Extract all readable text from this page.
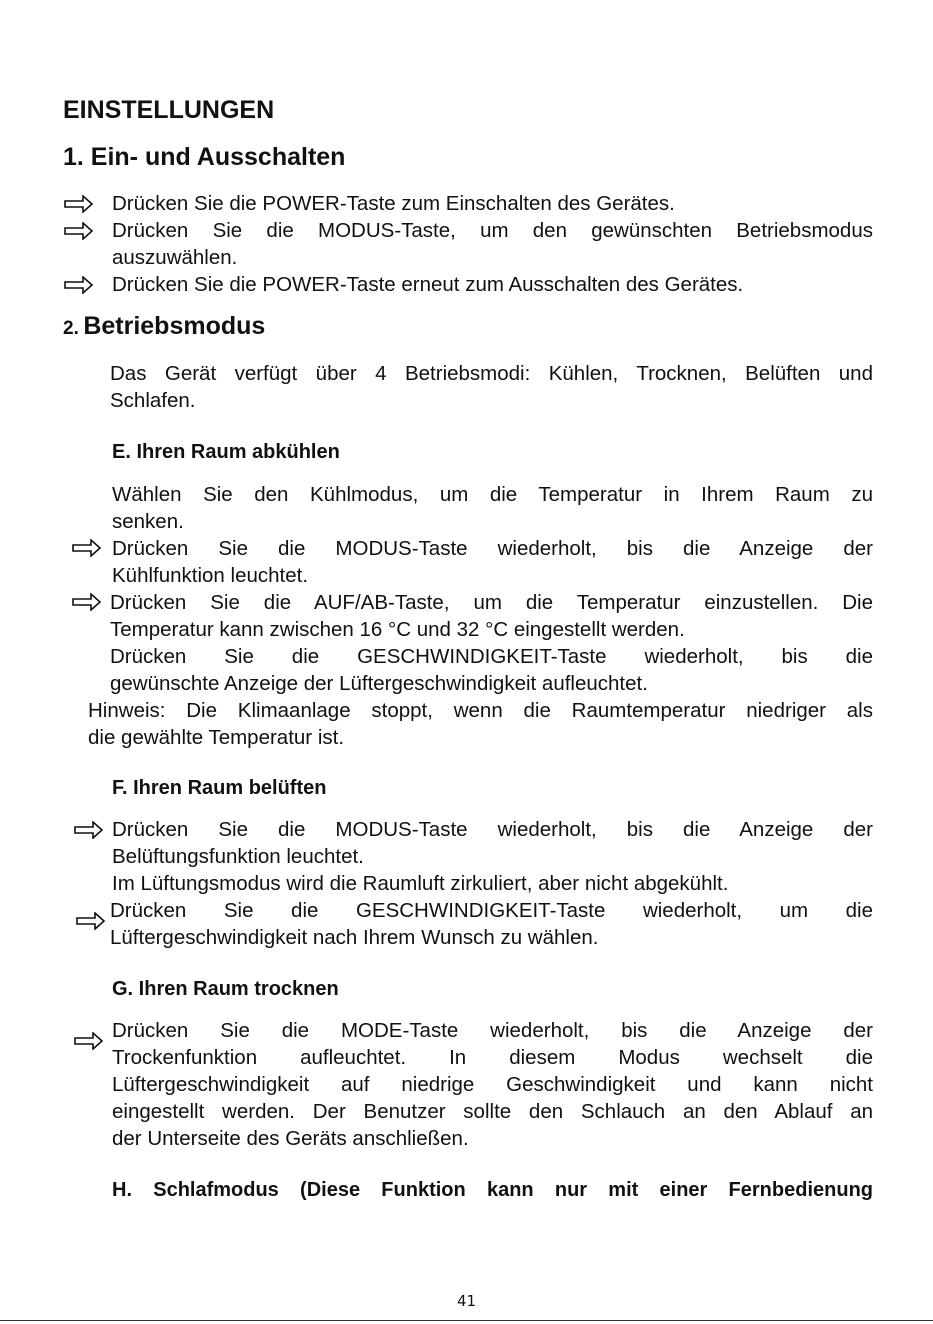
EINSTELLUNGEN
1. Ein- und Ausschalten
Drücken Sie die POWER-Taste zum Einschalten des Gerätes.
Drücken Sie die MODUS-Taste, um den gewünschten Betriebsmodus
auszuwählen.
Drücken Sie die POWER-Taste erneut zum Ausschalten des Gerätes.
2. Betriebsmodus
Das Gerät verfügt über 4 Betriebsmodi: Kühlen, Trocknen, Belüften und
Schlafen.
E. Ihren Raum abkühlen
Wählen Sie den Kühlmodus, um die Temperatur in Ihrem Raum zu
senken.
Drücken Sie die MODUS-Taste wiederholt, bis die Anzeige der
Kühlfunktion leuchtet.
Drücken Sie die AUF/AB-Taste, um die Temperatur einzustellen. Die
Temperatur kann zwischen 16 °C und 32 °C eingestellt werden.
Drücken Sie die GESCHWINDIGKEIT-Taste wiederholt, bis die
gewünschte Anzeige der Lüftergeschwindigkeit aufleuchtet.
Hinweis: Die Klimaanlage stoppt, wenn die Raumtemperatur niedriger als
die gewählte Temperatur ist.
F. Ihren Raum belüften
Drücken Sie die MODUS-Taste wiederholt, bis die Anzeige der
Belüftungsfunktion leuchtet.
Im Lüftungsmodus wird die Raumluft zirkuliert, aber nicht abgekühlt.
Drücken Sie die GESCHWINDIGKEIT-Taste wiederholt, um die
Lüftergeschwindigkeit nach Ihrem Wunsch zu wählen.
G. Ihren Raum trocknen
Drücken Sie die MODE-Taste wiederholt, bis die Anzeige der
Trockenfunktion aufleuchtet. In diesem Modus wechselt die
Lüftergeschwindigkeit auf niedrige Geschwindigkeit und kann nicht
eingestellt werden. Der Benutzer sollte den Schlauch an den Ablauf an
der Unterseite des Geräts anschließen.
H. Schlafmodus (Diese Funktion kann nur mit einer Fernbedienung
41
